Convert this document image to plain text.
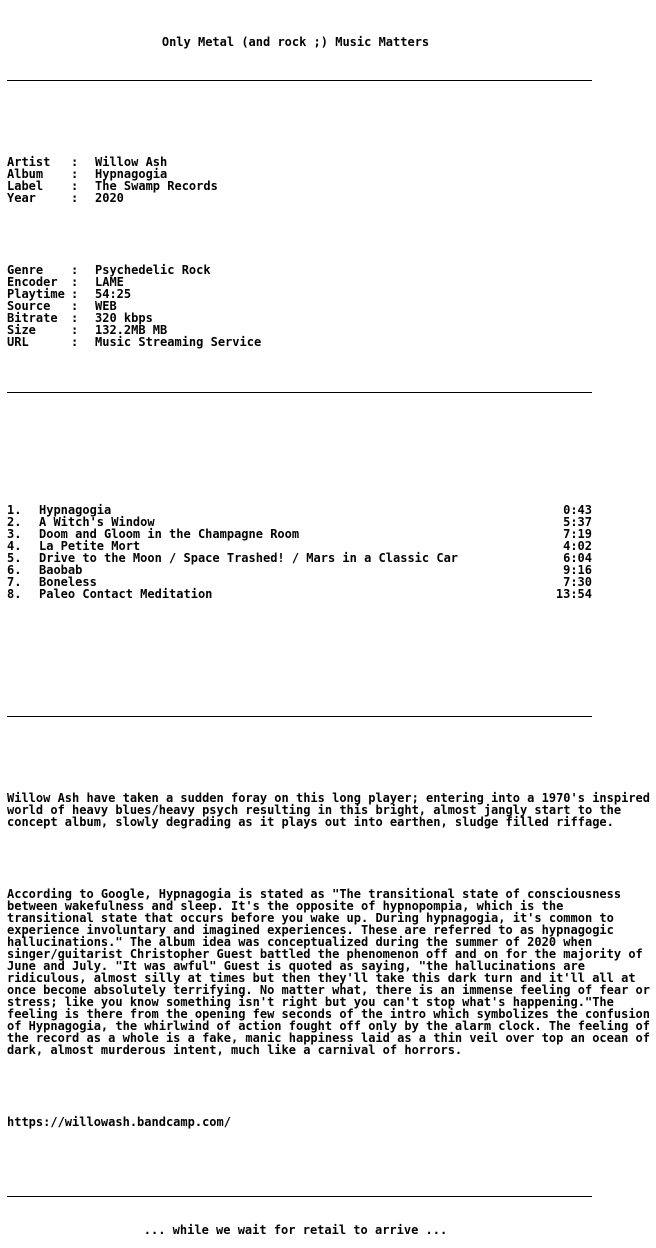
Only Metal (and rock ;) Music Matters

Artist	:	Willow Ash
Album	:	Hypnagogia
Label	:	The Swamp Records
Year	:	2020

Genre	:	Psychedelic Rock
Encoder	:	LAME
Playtime :	54:25
Source	:	WEB
Bitrate	:	320 kbps
Size	:	132.2MB MB
URL	:	Music Streaming Service

1.	Hypnagogia	0:43
2.	A Witch's Window	5:37
3.	Doom and Gloom in the Champagne Room	7:19
4.	La Petite Mort	4:02
5.	Drive to the Moon / Space Trashed! / Mars in a Classic Car	6:04
6.	Baobab	9:16
7.	Boneless	7:30
8.	Paleo Contact Meditation	13:54

Willow Ash have taken a sudden foray on this long player; entering into a 1970's inspired world of heavy blues/heavy psych resulting in this bright, almost jangly start to the concept album, slowly degrading as it plays out into earthen, sludge filled riffage.

According to Google, Hypnagogia is stated as "The transitional state of consciousness between wakefulness and sleep. It's the opposite of hypnopompia, which is the transitional state that occurs before you wake up. During hypnagogia, it's common to experience involuntary and imagined experiences. These are referred to as hypnagogic hallucinations." The album idea was conceptualized during the summer of 2020 when singer/guitarist Christopher Guest battled the phenomenon off and on for the majority of June and July. "It was awful" Guest is quoted as saying, "the hallucinations are ridiculous, almost silly at times but then they'll take this dark turn and it'll all at once become absolutely terrifying. No matter what, there is an immense feeling of fear or stress; like you know something isn't right but you can't stop what's happening."The feeling is there from the opening few seconds of the intro which symbolizes the confusion of Hypnagogia, the whirlwind of action fought off only by the alarm clock. The feeling of the record as a whole is a fake, manic happiness laid as a thin veil over top an ocean of dark, almost murderous intent, much like a carnival of horrors.

https://willowash.bandcamp.com/

... while we wait for retail to arrive ...
